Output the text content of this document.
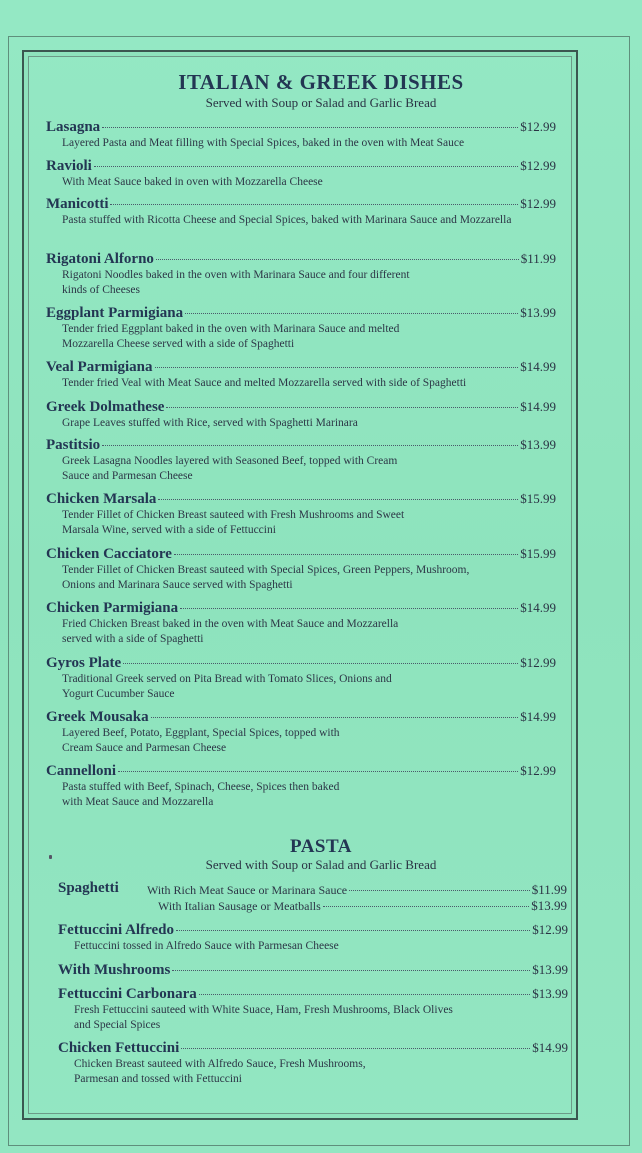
ITALIAN & GREEK DISHES
Served with Soup or Salad and Garlic Bread
Lasagna	$12.99
Layered Pasta and Meat filling with Special Spices, baked in the oven with Meat Sauce
Ravioli	$12.99
With Meat Sauce baked in oven with Mozzarella Cheese
Manicotti	$12.99
Pasta stuffed with Ricotta Cheese and Special Spices, baked with Marinara Sauce and Mozzarella
Rigatoni Alforno	$11.99
Rigatoni Noodles baked in the oven with Marinara Sauce and four different kinds of Cheeses
Eggplant Parmigiana	$13.99
Tender fried Eggplant baked in the oven with Marinara Sauce and melted Mozzarella Cheese served with a side of Spaghetti
Veal Parmigiana	$14.99
Tender fried Veal with Meat Sauce and melted Mozzarella served with side of Spaghetti
Greek Dolmathese	$14.99
Grape Leaves stuffed with Rice, served with Spaghetti Marinara
Pastitsio	$13.99
Greek Lasagna Noodles layered with Seasoned Beef, topped with Cream Sauce and Parmesan Cheese
Chicken Marsala	$15.99
Tender Fillet of Chicken Breast sauteed with Fresh Mushrooms and Sweet Marsala Wine, served with a side of Fettuccini
Chicken Cacciatore	$15.99
Tender Fillet of Chicken Breast sauteed with Special Spices, Green Peppers, Mushroom, Onions and Marinara Sauce served with Spaghetti
Chicken Parmigiana	$14.99
Fried Chicken Breast baked in the oven with Meat Sauce and Mozzarella served with a side of Spaghetti
Gyros Plate	$12.99
Traditional Greek served on Pita Bread with Tomato Slices, Onions and Yogurt Cucumber Sauce
Greek Mousaka	$14.99
Layered Beef, Potato, Eggplant, Special Spices, topped with Cream Sauce and Parmesan Cheese
Cannelloni	$12.99
Pasta stuffed with Beef, Spinach, Cheese, Spices then baked with Meat Sauce and Mozzarella
PASTA
Served with Soup or Salad and Garlic Bread
Spaghetti With Rich Meat Sauce or Marinara Sauce	$11.99
With Italian Sausage or Meatballs	$13.99
Fettuccini Alfredo	$12.99
Fettuccini tossed in Alfredo Sauce with Parmesan Cheese
With Mushrooms	$13.99
Fettuccini Carbonara	$13.99
Fresh Fettuccini sauteed with White Suace, Ham, Fresh Mushrooms, Black Olives and Special Spices
Chicken Fettuccini	$14.99
Chicken Breast sauteed with Alfredo Sauce, Fresh Mushrooms, Parmesan and tossed with Fettuccini
